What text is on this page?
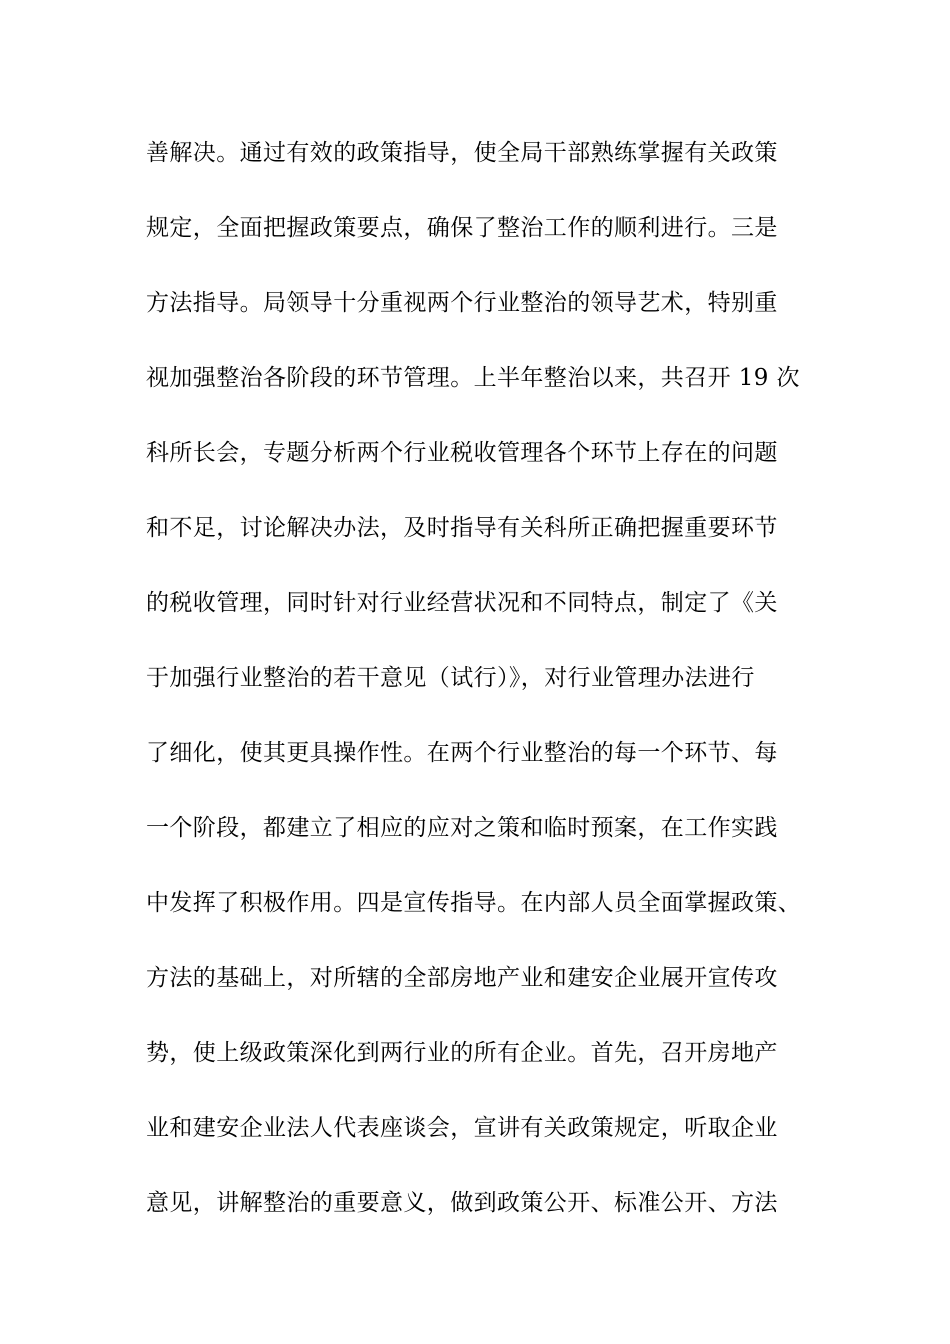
善解决。通过有效的政策指导，使全局干部熟练掌握有关政策
规定，全面把握政策要点，确保了整治工作的顺利进行。三是
方法指导。局领导十分重视两个行业整治的领导艺术，特别重
视加强整治各阶段的环节管理。上半年整治以来，共召开 19 次
科所长会，专题分析两个行业税收管理各个环节上存在的问题
和不足，讨论解决办法，及时指导有关科所正确把握重要环节
的税收管理，同时针对行业经营状况和不同特点，制定了《关
于加强行业整治的若干意见（试行）》，对行业管理办法进行
了细化，使其更具操作性。在两个行业整治的每一个环节、每
一个阶段，都建立了相应的应对之策和临时预案，在工作实践
中发挥了积极作用。四是宣传指导。在内部人员全面掌握政策、
方法的基础上，对所辖的全部房地产业和建安企业展开宣传攻
势，使上级政策深化到两行业的所有企业。首先，召开房地产
业和建安企业法人代表座谈会，宣讲有关政策规定，听取企业
意见，讲解整治的重要意义，做到政策公开、标准公开、方法
